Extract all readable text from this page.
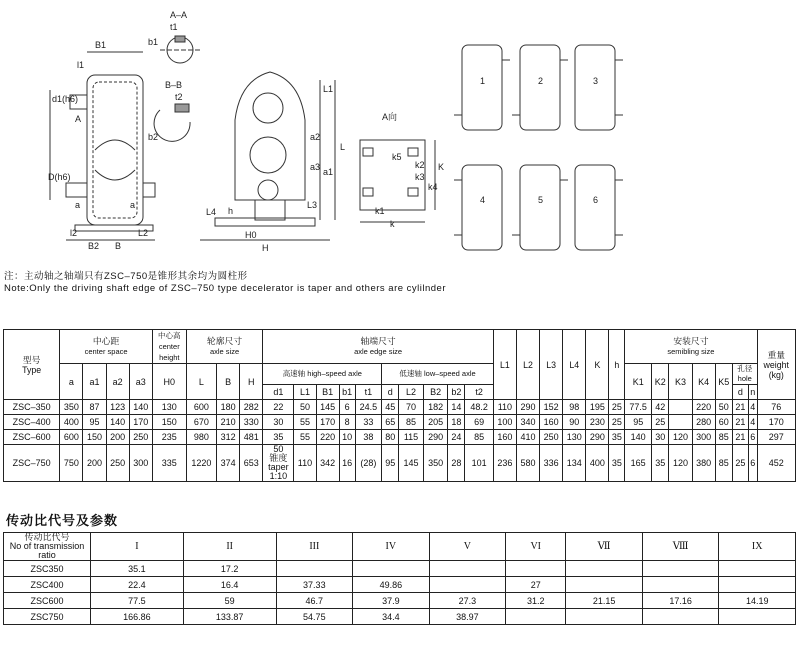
A–A
B–B
A向
B1
l1
d1(h6)
A
D(h6)
a	a
l2
B2 B
L2
t1
b1
t2
b2
L
L1
a2
a3 a1
H0
H
h
L3
L4
K
k3
k5
k2
k4
k1
k
1	2	3
4	5	6
注：主动轴之轴端只有ZSC–750是锥形其余均为圆柱形
Note:Only the driving shaft edge of ZSC–750 type decelerator is taper and others are cylilnder
型号
Type	中心距
center space				中心高
center
height	轮廓尺寸
axle size			轴端尺寸
axle edge size										L1	L2	L3	L4	K	h	安装尺寸
semibling size							重量
weight
(kg)
	a	a1	a2	a3	H0	L	B	H	高速轴 high–speed axle					低速轴 low–speed axle											K1	K2	K3	K4	K5	孔径
hole		
									d1	L1	B1	b1	t1	d	L2	B2	b2	t2												d	n	
ZSC–350	350	87	123	140	130	600	180	282	22	50	145	6	24.5	45	70	182	14	48.2	110	290	152	98	195	25	77.5	42		220	50	21	4	76
ZSC–400	400	95	140	170	150	670	210	330	30	55	170	8	33	65	85	205	18	69	100	340	160	90	230	25	95	25		280	60	21	4	170
ZSC–600	600	150	200	250	235	980	312	481	35	55	220	10	38	80	115	290	24	85	160	410	250	130	290	35	140	30	120	300	85	21	6	297
ZSC–750	750	200	250	300	335	1220	374	653	50
锥度
taper
1:10	110	342	16	(28)	95	145	350	28	101	236	580	336	134	400	35	165	35	120	380	85	25	6	452
传动比代号及参数
传动比代号
No of transmission
ratio	I	II	III	IV	V	VI	Ⅶ	Ⅷ	IX
ZSC350	35.1	17.2							
ZSC400	22.4	16.4	37.33	49.86		27			
ZSC600	77.5	59	46.7	37.9	27.3	31.2	21.15	17.16	14.19
ZSC750	166.86	133.87	54.75	34.4	38.97				
